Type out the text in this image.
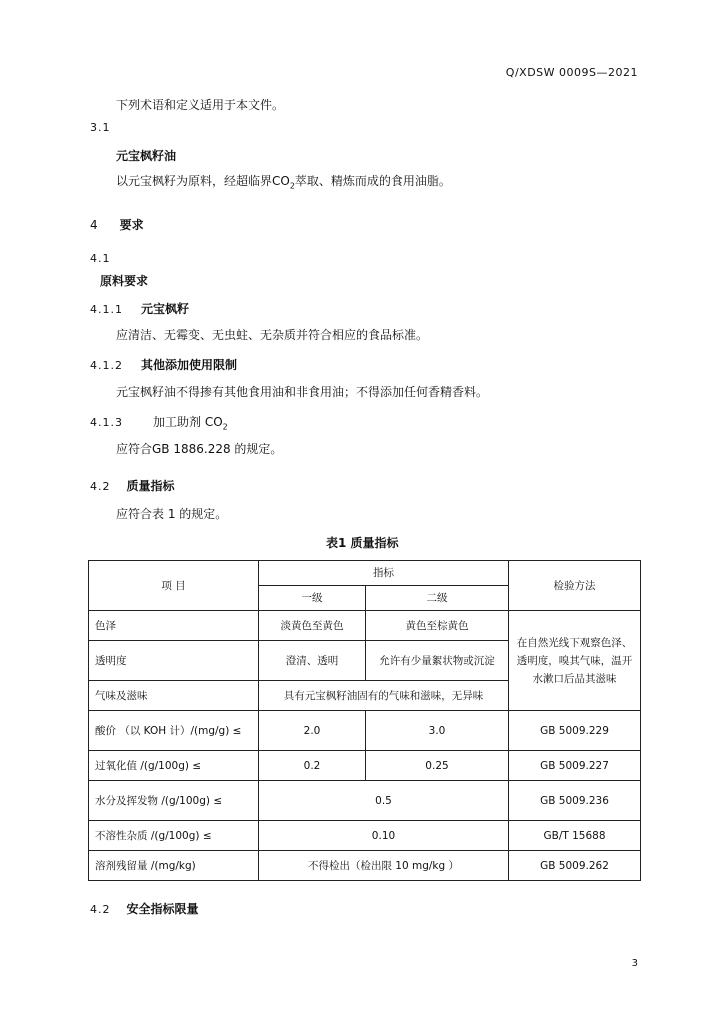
Q/XDSW 0009S—2021
下列术语和定义适用于本文件。
3.1
元宝枫籽油
以元宝枫籽为原料，经超临界$CO_2$萃取、精炼而成的食用油脂。
4 要求
4.1
原料要求
4.1.1 元宝枫籽
应清洁、无霉变、无虫蛀、无杂质并符合相应的食品标准。
4.1.2 其他添加使用限制
元宝枫籽油不得掺有其他食用油和非食用油；不得添加任何香精香料。
4.1.3	加工助剂 $CO_2$
应符合GB 1886.228 的规定。
4.2 质量指标
应符合表 1 的规定。
表1 质量指标
项 目	指标		检验方法
	一级	二级	
色泽	淡黄色至黄色	黄色至棕黄色	在自然光线下观察色泽、透明度，嗅其气味，温开水漱口后品其滋味
透明度	澄清、透明	允许有少量絮状物或沉淀	
气味及滋味	具有元宝枫籽油固有的气味和滋味，无异味		
酸价 （以 KOH 计）/(mg/g) ≤	2.0	3.0	GB 5009.229
过氧化值 /(g/100g) ≤	0.2	0.25	GB 5009.227
水分及挥发物 /(g/100g) ≤	0.5		GB 5009.236
不溶性杂质 /(g/100g) ≤	0.10		GB/T 15688
溶剂残留量 /(mg/kg)	不得检出（检出限 10 mg/kg ）		GB 5009.262
4.2 安全指标限量
3
